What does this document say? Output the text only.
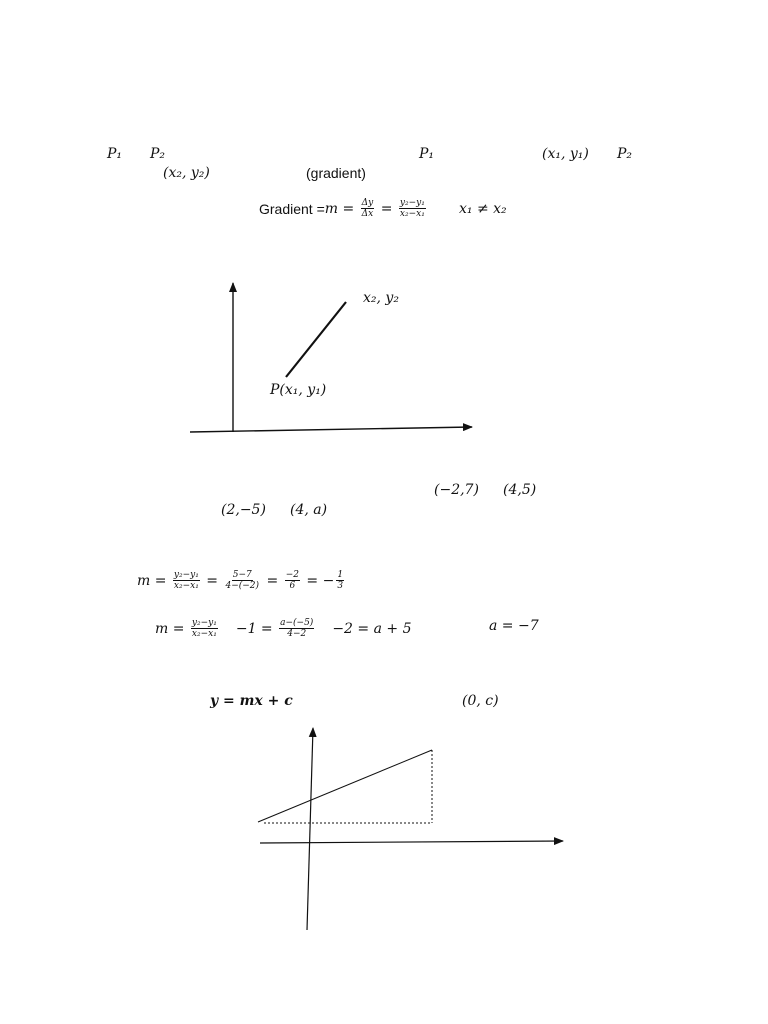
P₁ P₂	P₁	(x₁, y₁) P₂
(x₂, y₂)	(gradient)
Gradient = $m = \frac{\Delta y}{\Delta x} = \frac{\text{y₂−y₁}}{\text{x₂−x₁}} x_1 \ne x_2$
x₂, y₂
P(x₁, y₁)
(−2,7) (4,5)
(2,−5) (4, a)
$m = \frac{\text{y₂−y₁}}{\text{x₂−x₁}} = \frac{5-7}{4-(-2)} = \frac{-2}{6}$ = − $\frac{1}{3}$
$m = \frac{\text{y₂−y₁}}{\text{x₂−x₁}} -1 = \frac{a-(-5)}{4-2} -2 = a + 5$	a = −7
y = mx + c	(0, c)
